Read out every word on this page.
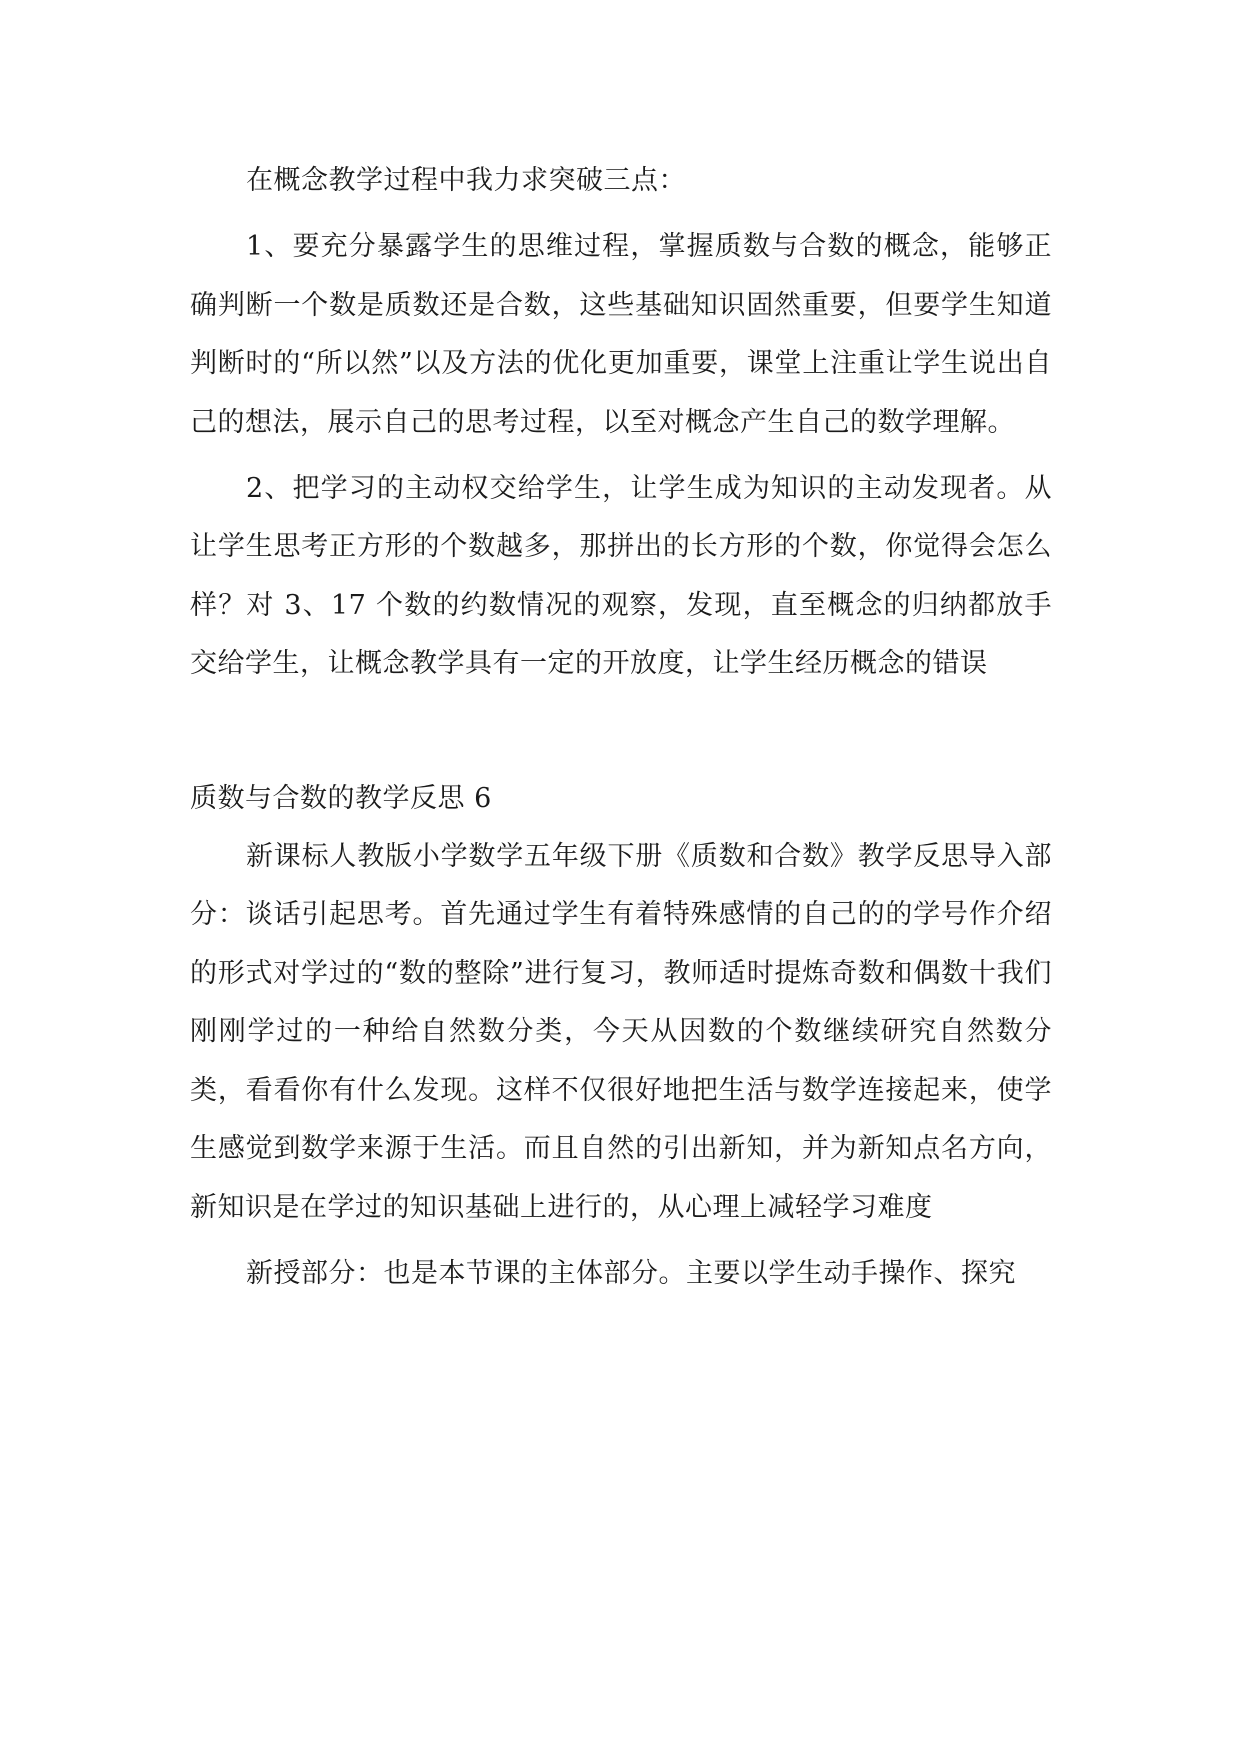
在概念教学过程中我力求突破三点：

1、要充分暴露学生的思维过程，掌握质数与合数的概念，能够正确判断一个数是质数还是合数，这些基础知识固然重要，但要学生知道判断时的“所以然”以及方法的优化更加重要，课堂上注重让学生说出自己的想法，展示自己的思考过程，以至对概念产生自己的数学理解。

2、把学习的主动权交给学生，让学生成为知识的主动发现者。从让学生思考正方形的个数越多，那拼出的长方形的个数，你觉得会怎么样？对 3、17 个数的约数情况的观察，发现，直至概念的归纳都放手交给学生，让概念教学具有一定的开放度，让学生经历概念的错误

质数与合数的教学反思 6

新课标人教版小学数学五年级下册《质数和合数》教学反思导入部分：谈话引起思考。首先通过学生有着特殊感情的自己的的学号作介绍的形式对学过的“数的整除”进行复习，教师适时提炼奇数和偶数十我们刚刚学过的一种给自然数分类，今天从因数的个数继续研究自然数分类，看看你有什么发现。这样不仅很好地把生活与数学连接起来，使学生感觉到数学来源于生活。而且自然的引出新知，并为新知点名方向，新知识是在学过的知识基础上进行的，从心理上减轻学习难度

新授部分：也是本节课的主体部分。主要以学生动手操作、探究
